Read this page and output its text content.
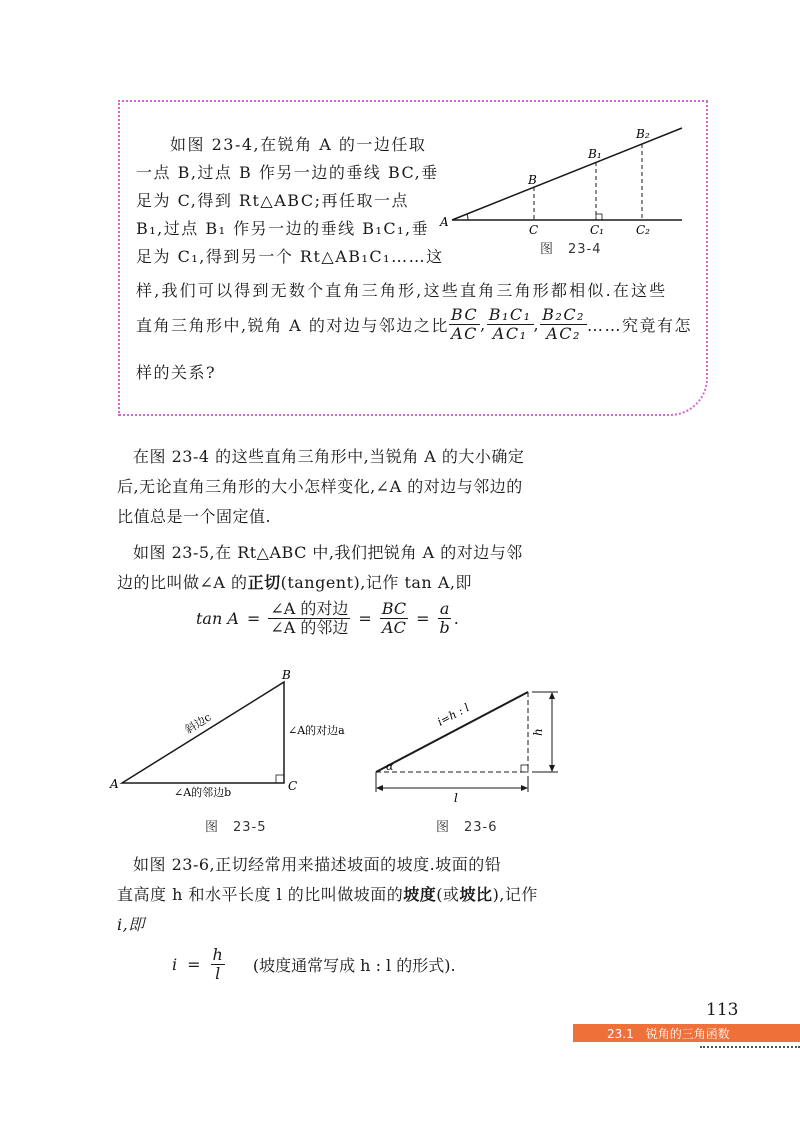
如图 23-4,在锐角 A 的一边任取
一点 B,过点 B 作另一边的垂线 BC,垂
足为 C,得到 Rt△ABC;再任取一点
B₁,过点 B₁ 作另一边的垂线 B₁C₁,垂
足为 C₁,得到另一个 Rt△AB₁C₁……这
样,我们可以得到无数个直角三角形,这些直角三角形都相似.在这些
直角三角形中,锐角 A 的对边与邻边之比 $\frac{BC}{AC}$ , $\frac{\text{B₁C₁}}{\text{AC₁}}$ , $\frac{\text{B₂C₂}}{\text{AC₂}}$ ……究竟有怎
样的关系?
A
B
B₁
B₂
C	C₁	C₂
图　23-4
在图 23-4 的这些直角三角形中,当锐角 A 的大小确定
后,无论直角三角形的大小怎样变化,∠A 的对边与邻边的
比值总是一个固定值.
如图 23-5,在 Rt△ABC 中,我们把锐角 A 的对边与邻
边的比叫做∠A 的正切(tangent),记作 tan A,即
$\tan A = \frac{\text{∠A 的对边}}{\text{∠A 的邻边}} = \frac{BC}{AC} = \frac{a}{b}$ .
A
B
C
斜边c	∠A的对边a
∠A的邻边b
图　23-5
α
i=h : l
h
l
图　23-6
如图 23-6,正切经常用来描述坡面的坡度.坡面的铅
直高度 h 和水平长度 l 的比叫做坡面的坡度(或坡比),记作
i,即
$i = \frac{h}{l}$ (坡度通常写成 h : l 的形式).
113
23.1　锐角的三角函数
